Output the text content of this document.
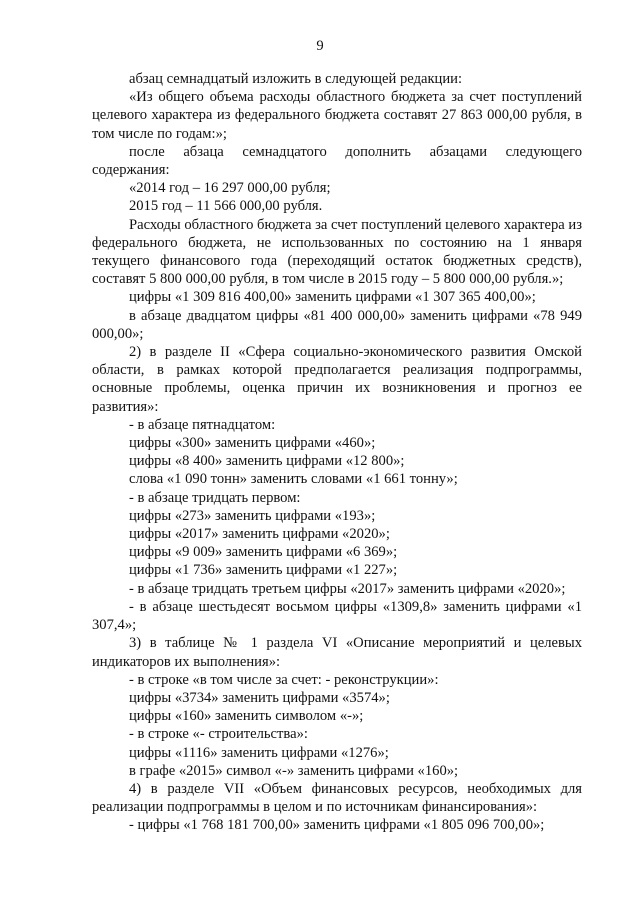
9

абзац семнадцатый изложить в следующей редакции:

«Из общего объема расходы областного бюджета за счет поступлений целевого характера из федерального бюджета составят 27 863 000,00 рубля, в том числе по годам:»;

после абзаца семнадцатого дополнить абзацами следующего содержания:

«2014 год – 16 297 000,00 рубля;

2015 год – 11 566 000,00 рубля.

Расходы областного бюджета за счет поступлений целевого характера из федерального бюджета, не использованных по состоянию на 1 января текущего финансового года (переходящий остаток бюджетных средств), составят 5 800 000,00 рубля, в том числе в 2015 году – 5 800 000,00 рубля.»;

цифры «1 309 816 400,00» заменить цифрами «1 307 365 400,00»;

в абзаце двадцатом цифры «81 400 000,00» заменить цифрами «78 949 000,00»;

2) в разделе II «Сфера социально-экономического развития Омской области, в рамках которой предполагается реализация подпрограммы, основные проблемы, оценка причин их возникновения и прогноз ее развития»:

- в абзаце пятнадцатом:

цифры «300» заменить цифрами «460»;

цифры «8 400» заменить цифрами «12 800»;

слова «1 090 тонн» заменить словами «1 661 тонну»;

- в абзаце тридцать первом:

цифры «273» заменить цифрами «193»;

цифры «2017» заменить цифрами «2020»;

цифры «9 009» заменить цифрами «6 369»;

цифры «1 736» заменить цифрами «1 227»;

- в абзаце тридцать третьем цифры «2017» заменить цифрами «2020»;

- в абзаце шестьдесят восьмом цифры «1309,8» заменить цифрами «1 307,4»;

3) в таблице № 1 раздела VI «Описание мероприятий и целевых индикаторов их выполнения»:

- в строке «в том числе за счет: - реконструкции»:

цифры «3734» заменить цифрами «3574»;

цифры «160» заменить символом «-»;

- в строке «- строительства»:

цифры «1116» заменить цифрами «1276»;

в графе «2015» символ «-» заменить цифрами «160»;

4) в разделе VII «Объем финансовых ресурсов, необходимых для реализации подпрограммы в целом и по источникам финансирования»:

- цифры «1 768 181 700,00» заменить цифрами «1 805 096 700,00»;
